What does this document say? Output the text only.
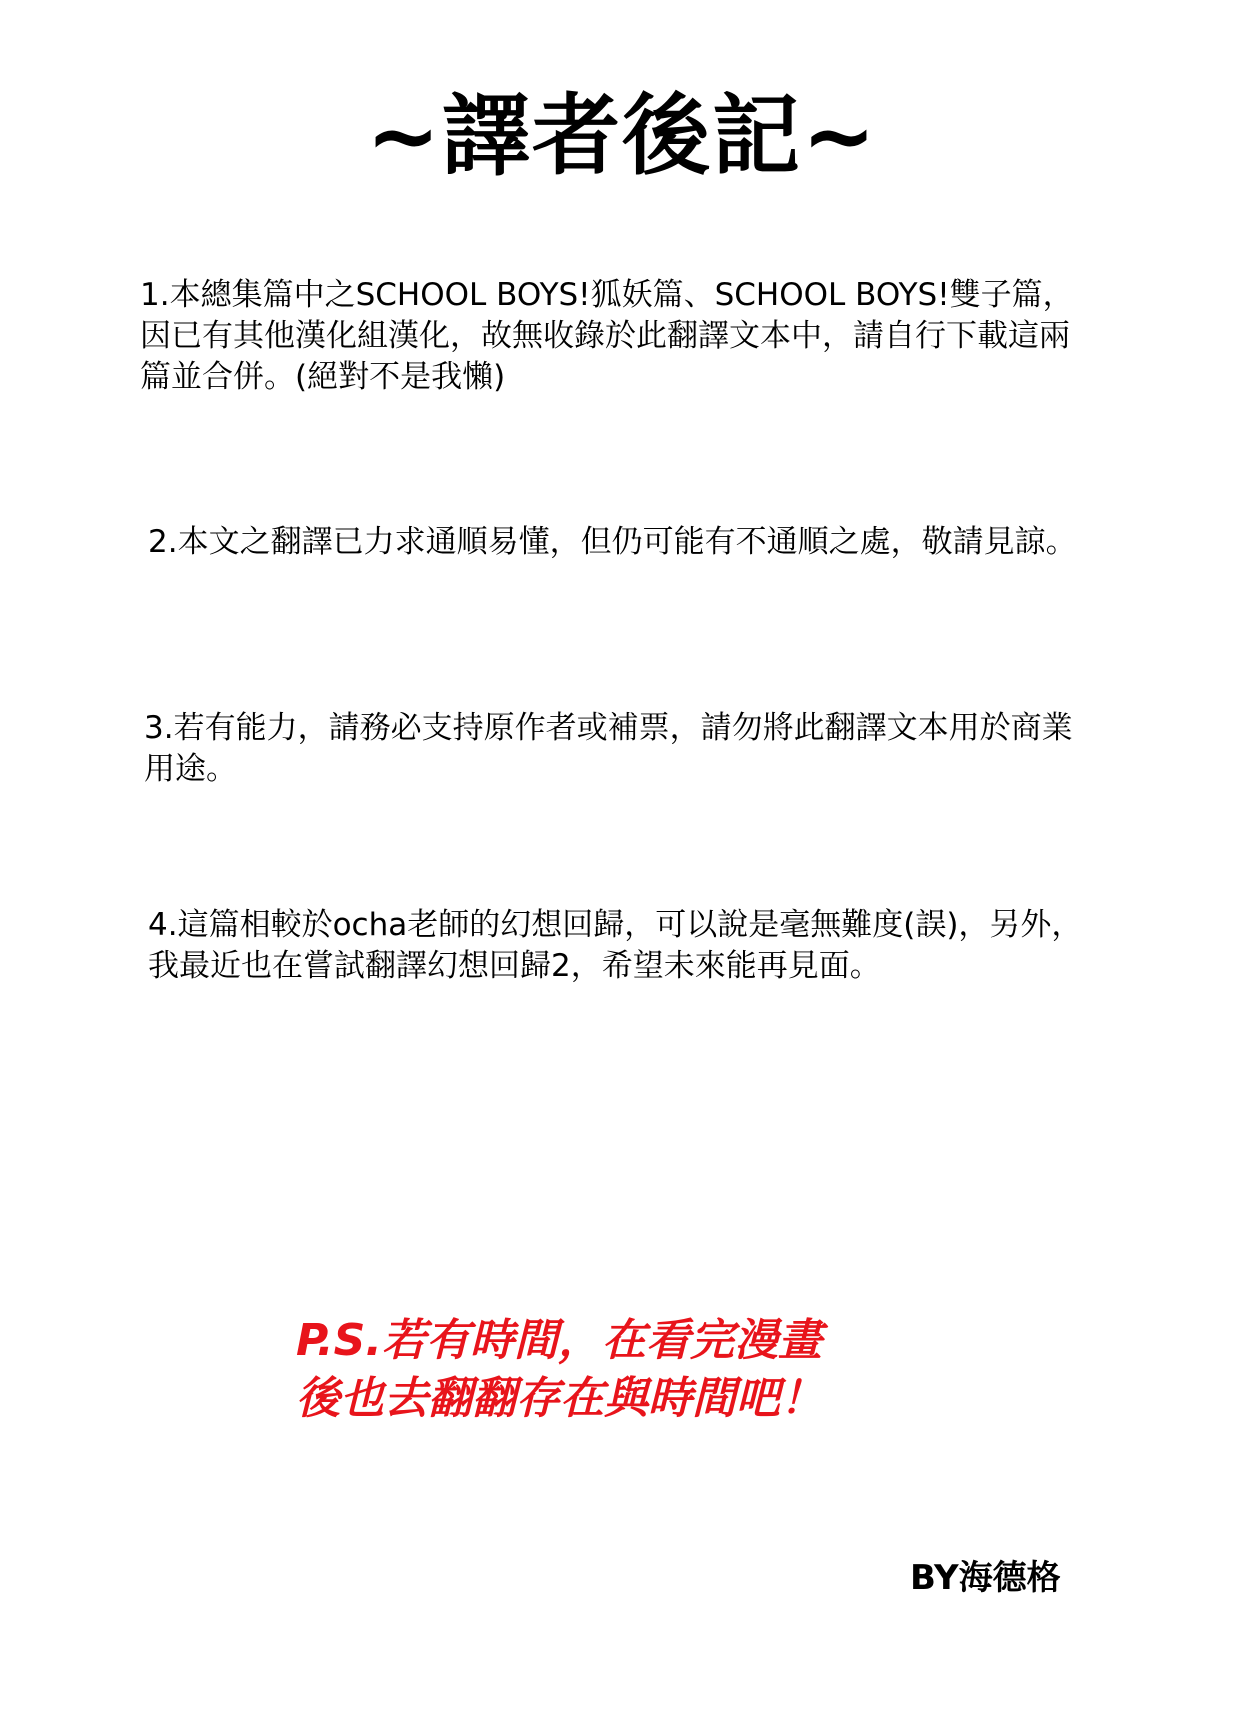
~譯者後記~
1.本總集篇中之SCHOOL BOYS!狐妖篇、SCHOOL BOYS!雙子篇，
因已有其他漢化組漢化，故無收錄於此翻譯文本中，請自行下載這兩
篇並合併。(絕對不是我懶)
2.本文之翻譯已力求通順易懂，但仍可能有不通順之處，敬請見諒。
3.若有能力，請務必支持原作者或補票，請勿將此翻譯文本用於商業
用途。
4.這篇相較於ocha老師的幻想回歸，可以說是毫無難度(誤)，另外，
我最近也在嘗試翻譯幻想回歸2，希望未來能再見面。
P.S.若有時間，在看完漫畫
後也去翻翻存在與時間吧！
BY海德格
